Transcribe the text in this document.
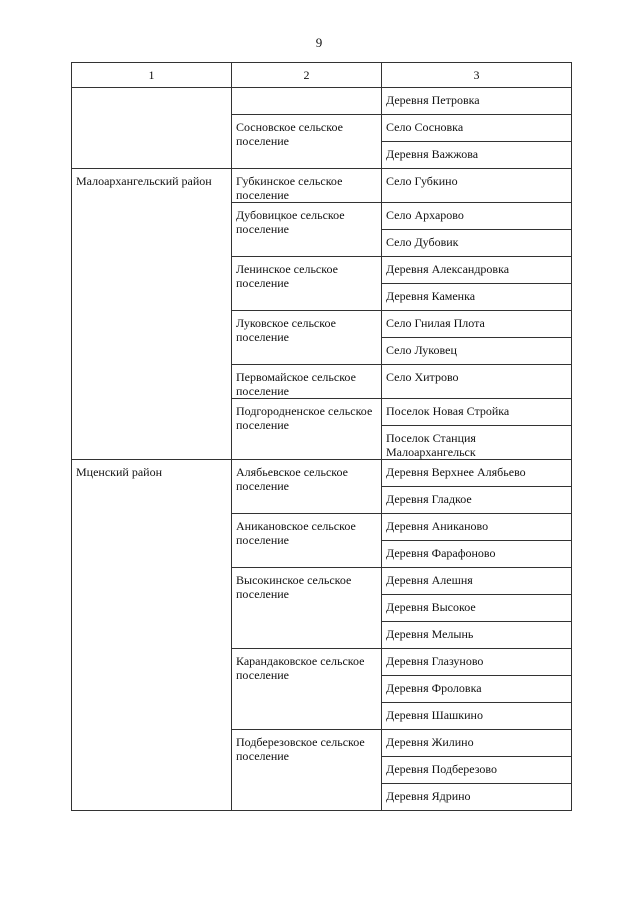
9
1	2	3
		Деревня Петровка
	Сосновское сельское поселение	Село Сосновка
		Деревня Важжова
Малоархангельский район	Губкинское сельское поселение	Село Губкино
	Дубовицкое сельское поселение	Село Архарово
		Село Дубовик
	Ленинское сельское поселение	Деревня Александровка
		Деревня Каменка
	Луковское сельское поселение	Село Гнилая Плота
		Село Луковец
	Первомайское сельское поселение	Село Хитрово
	Подгородненское сельское поселение	Поселок Новая Стройка
		Поселок Станция Малоархангельск
Мценский район	Алябьевское сельское поселение	Деревня Верхнее Алябьево
		Деревня Гладкое
	Аникановское сельское поселение	Деревня Аниканово
		Деревня Фарафоново
	Высокинское сельское поселение	Деревня Алешня
		Деревня Высокое
		Деревня Мелынь
	Карандаковское сельское поселение	Деревня Глазуново
		Деревня Фроловка
		Деревня Шашкино
	Подберезовское сельское поселение	Деревня Жилино
		Деревня Подберезово
		Деревня Ядрино
